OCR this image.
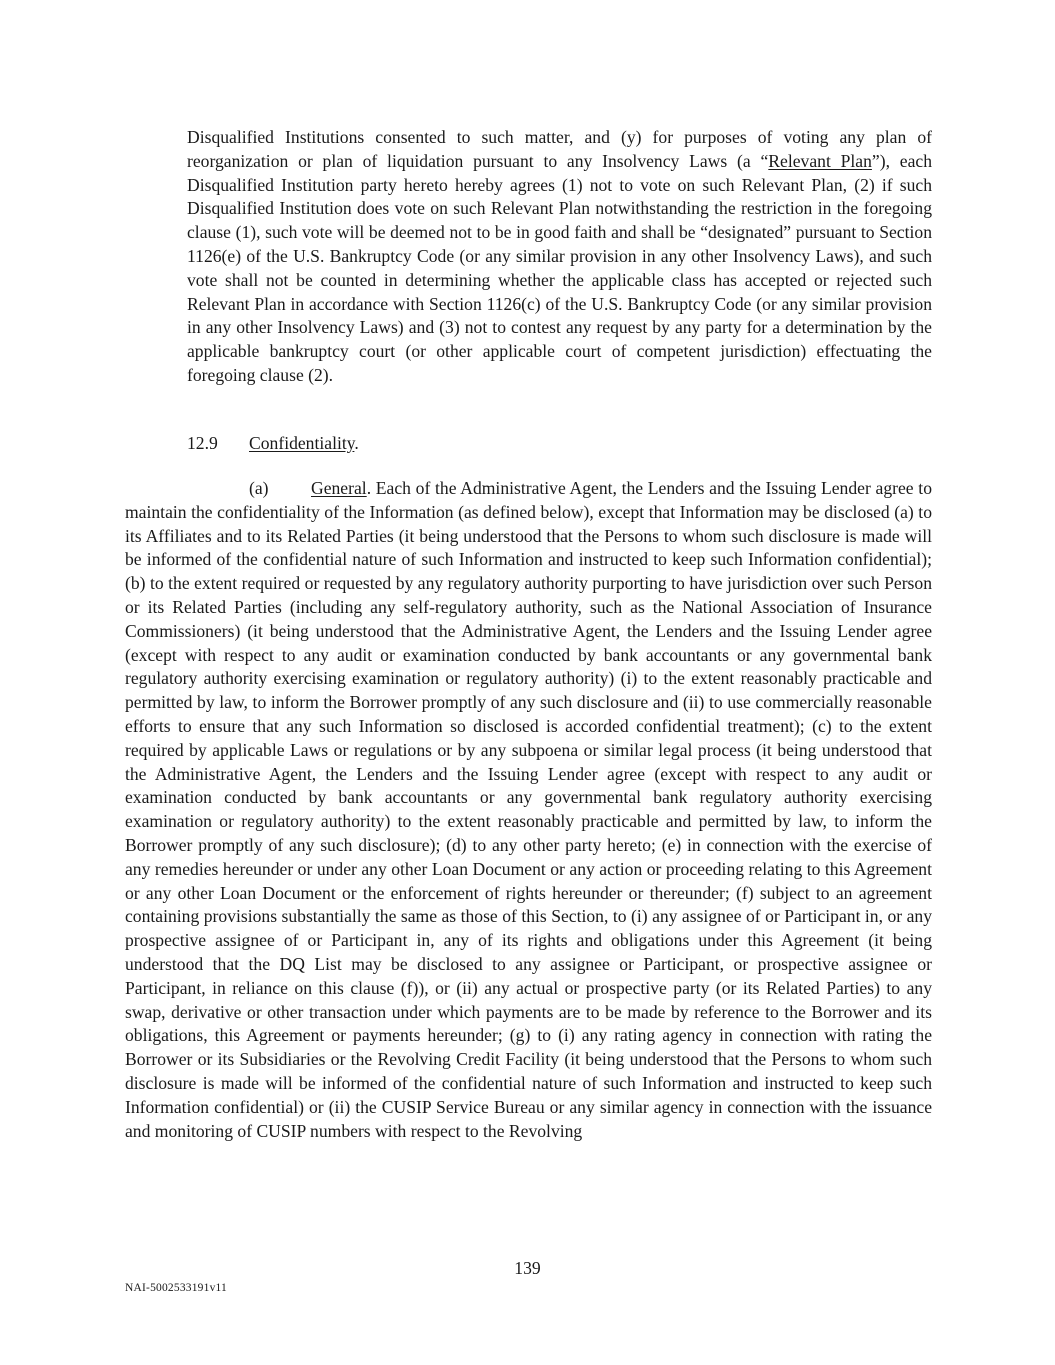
Disqualified Institutions consented to such matter, and (y) for purposes of voting any plan of reorganization or plan of liquidation pursuant to any Insolvency Laws (a “Relevant Plan”), each Disqualified Institution party hereto hereby agrees (1) not to vote on such Relevant Plan, (2) if such Disqualified Institution does vote on such Relevant Plan notwithstanding the restriction in the foregoing clause (1), such vote will be deemed not to be in good faith and shall be “designated” pursuant to Section 1126(e) of the U.S. Bankruptcy Code (or any similar provision in any other Insolvency Laws), and such vote shall not be counted in determining whether the applicable class has accepted or rejected such Relevant Plan in accordance with Section 1126(c) of the U.S. Bankruptcy Code (or any similar provision in any other Insolvency Laws) and (3) not to contest any request by any party for a determination by the applicable bankruptcy court (or other applicable court of competent jurisdiction) effectuating the foregoing clause (2).

12.9 Confidentiality.

(a) General. Each of the Administrative Agent, the Lenders and the Issuing Lender agree to maintain the confidentiality of the Information (as defined below), except that Information may be disclosed (a) to its Affiliates and to its Related Parties (it being understood that the Persons to whom such disclosure is made will be informed of the confidential nature of such Information and instructed to keep such Information confidential); (b) to the extent required or requested by any regulatory authority purporting to have jurisdiction over such Person or its Related Parties (including any self-regulatory authority, such as the National Association of Insurance Commissioners) (it being understood that the Administrative Agent, the Lenders and the Issuing Lender agree (except with respect to any audit or examination conducted by bank accountants or any governmental bank regulatory authority exercising examination or regulatory authority) (i) to the extent reasonably practicable and permitted by law, to inform the Borrower promptly of any such disclosure and (ii) to use commercially reasonable efforts to ensure that any such Information so disclosed is accorded confidential treatment); (c) to the extent required by applicable Laws or regulations or by any subpoena or similar legal process (it being understood that the Administrative Agent, the Lenders and the Issuing Lender agree (except with respect to any audit or examination conducted by bank accountants or any governmental bank regulatory authority exercising examination or regulatory authority) to the extent reasonably practicable and permitted by law, to inform the Borrower promptly of any such disclosure); (d) to any other party hereto; (e) in connection with the exercise of any remedies hereunder or under any other Loan Document or any action or proceeding relating to this Agreement or any other Loan Document or the enforcement of rights hereunder or thereunder; (f) subject to an agreement containing provisions substantially the same as those of this Section, to (i) any assignee of or Participant in, or any prospective assignee of or Participant in, any of its rights and obligations under this Agreement (it being understood that the DQ List may be disclosed to any assignee or Participant, or prospective assignee or Participant, in reliance on this clause (f)), or (ii) any actual or prospective party (or its Related Parties) to any swap, derivative or other transaction under which payments are to be made by reference to the Borrower and its obligations, this Agreement or payments hereunder; (g) to (i) any rating agency in connection with rating the Borrower or its Subsidiaries or the Revolving Credit Facility (it being understood that the Persons to whom such disclosure is made will be informed of the confidential nature of such Information and instructed to keep such Information confidential) or (ii) the CUSIP Service Bureau or any similar agency in connection with the issuance and monitoring of CUSIP numbers with respect to the Revolving

139
NAI-5002533191v11
